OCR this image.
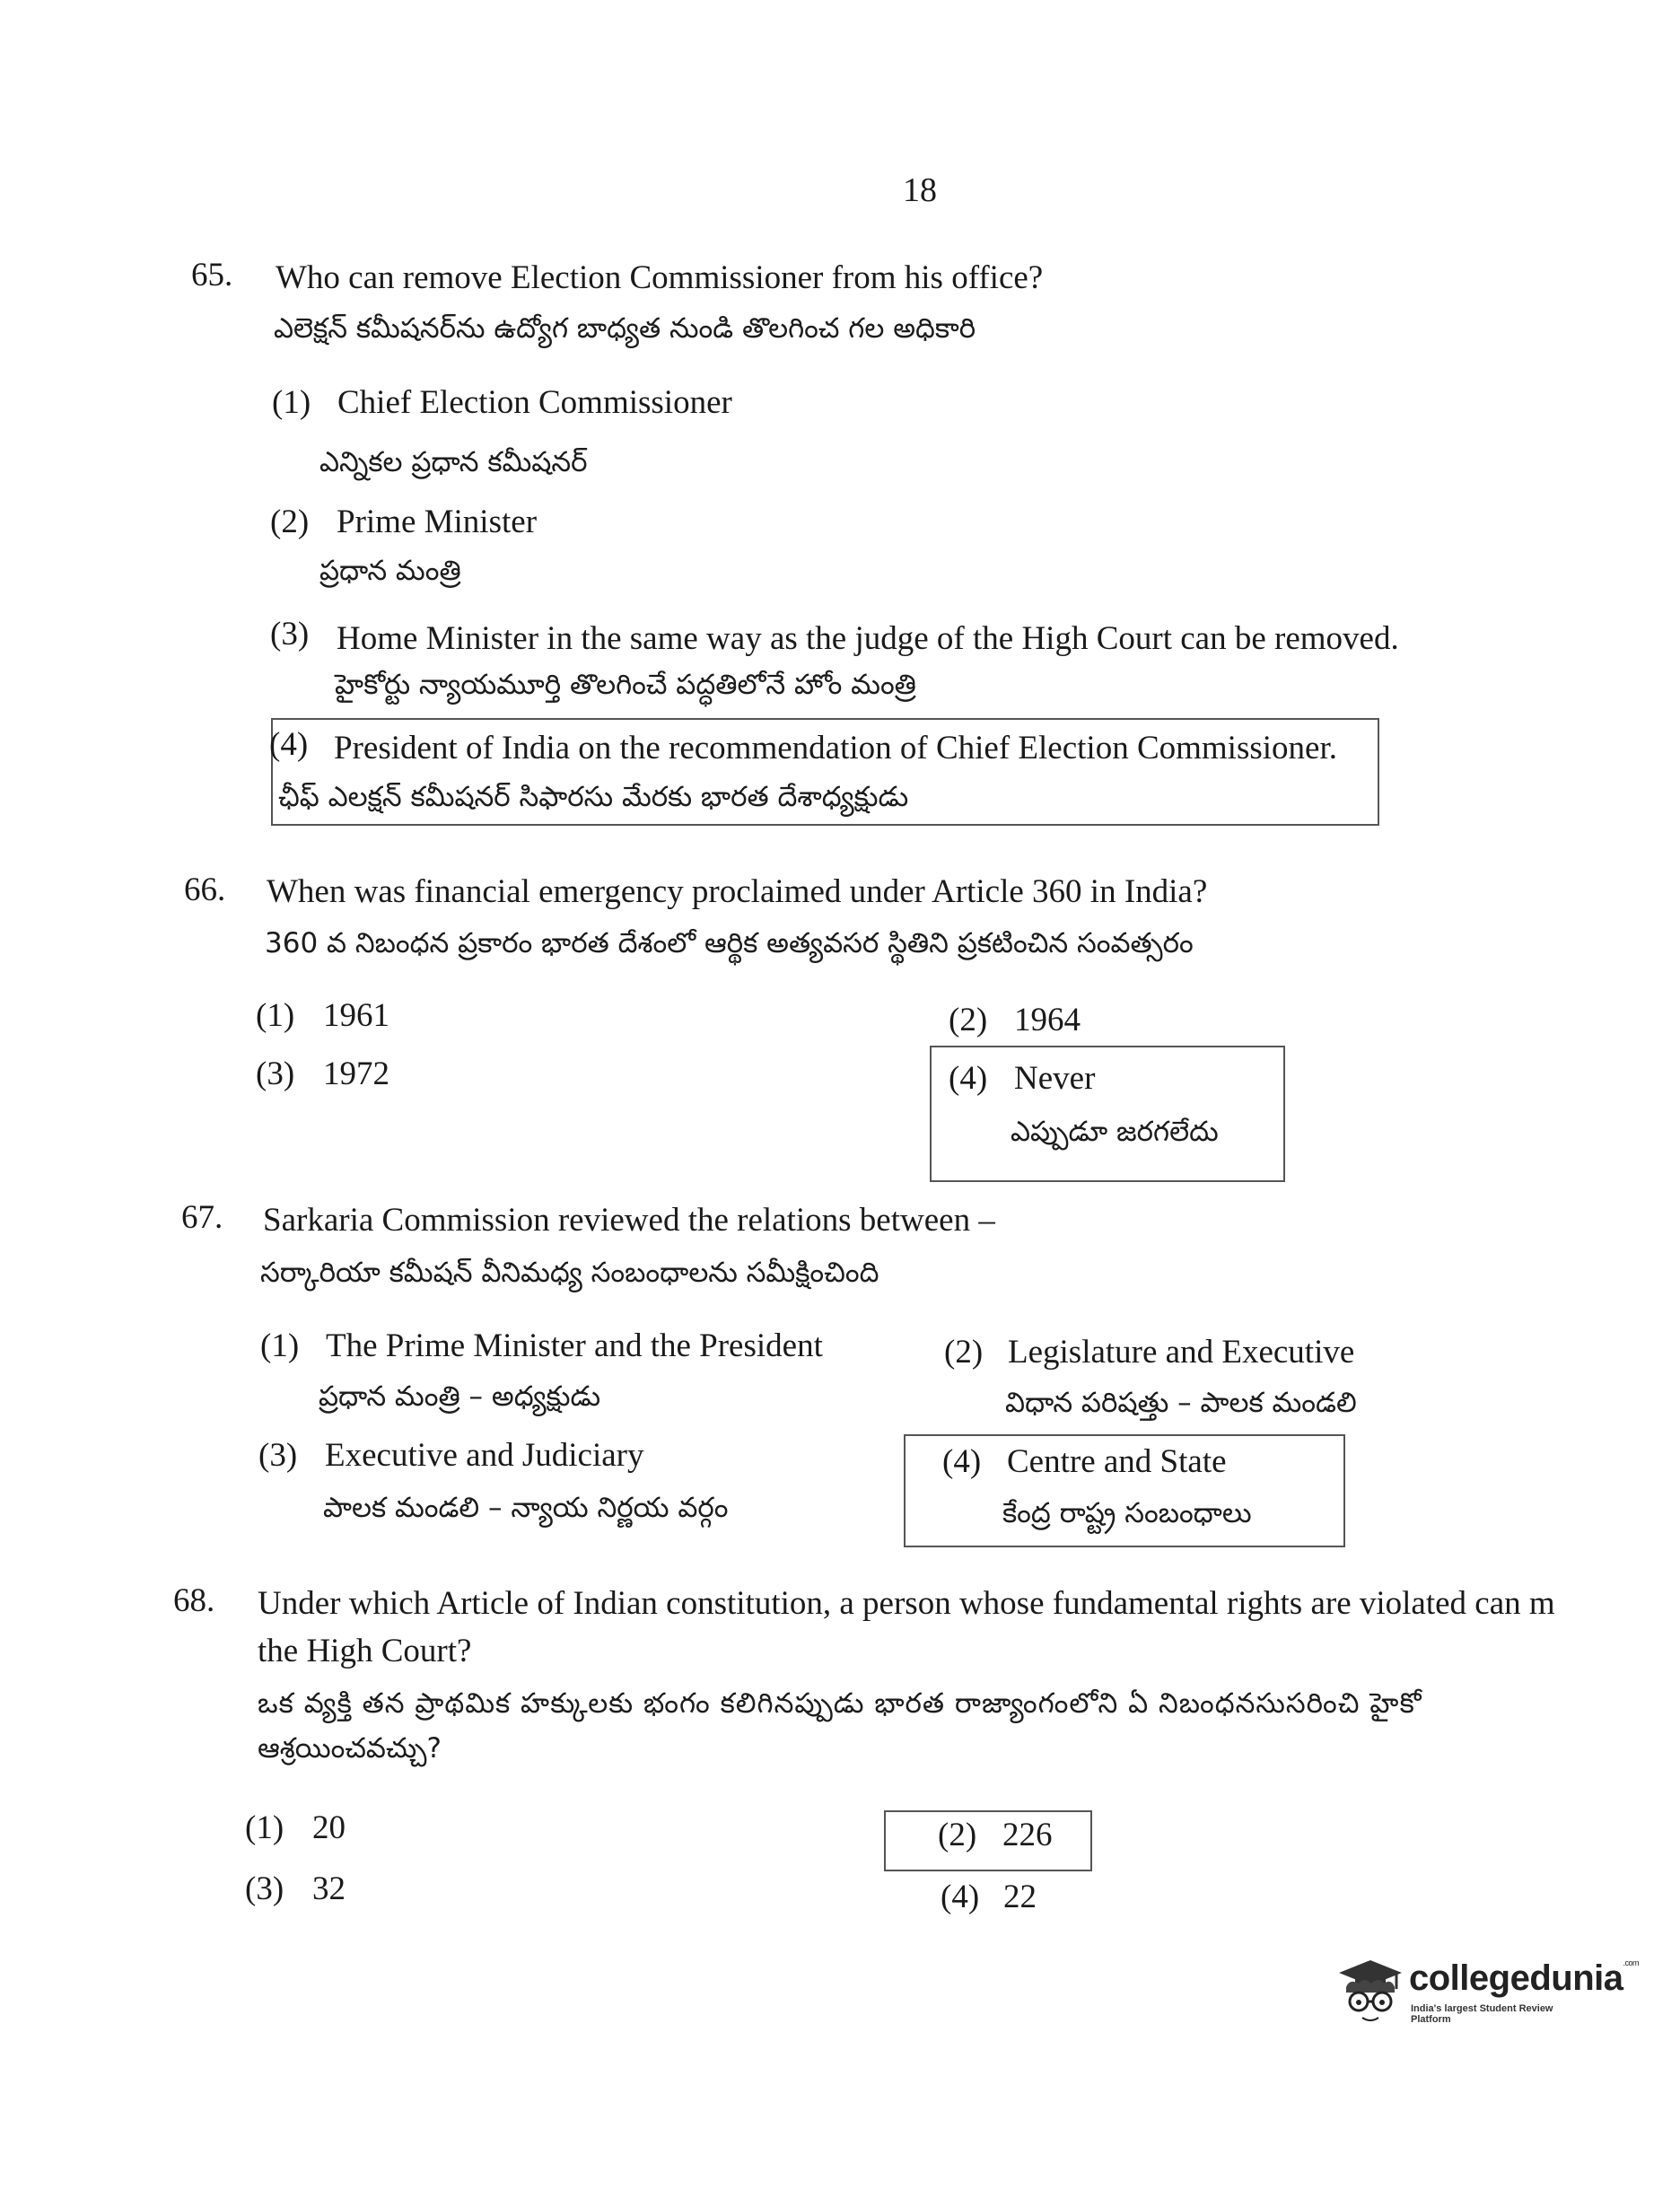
18
65. Who can remove Election Commissioner from his office?
ఎలెక్షన్ కమీషనర్‌ను ఉద్యోగ బాధ్యత నుండి తొలగించ గల అధికారి
(1) Chief Election Commissioner
ఎన్నికల ప్రధాన కమీషనర్
(2) Prime Minister
ప్రధాన మంత్రి
(3) Home Minister in the same way as the judge of the High Court can be removed.
హైకోర్టు న్యాయమూర్తి తొలగించే పద్ధతిలోనే హోం మంత్రి
(4) President of India on the recommendation of Chief Election Commissioner.
ఛీఫ్ ఎలక్షన్ కమీషనర్ సిఫారసు మేరకు భారత దేశాధ్యక్షుడు
66. When was financial emergency proclaimed under Article 360 in India?
360 వ నిబంధన ప్రకారం భారత దేశంలో ఆర్థిక అత్యవసర స్థితిని ప్రకటించిన సంవత్సరం
(1) 1961	(2) 1964
(3) 1972	(4) Never
ఎప్పుడూ జరగలేదు
67. Sarkaria Commission reviewed the relations between –
సర్కారియా కమీషన్ వీనిమధ్య సంబంధాలను సమీక్షించింది
(1) The Prime Minister and the President
ప్రధాన మంత్రి – అధ్యక్షుడు
(2) Legislature and Executive
విధాన పరిషత్తు – పాలక మండలి
(3) Executive and Judiciary
పాలక మండలి – న్యాయ నిర్ణయ వర్గం
(4) Centre and State
కేంద్ర రాష్ట్ర సంబంధాలు
68. Under which Article of Indian constitution, a person whose fundamental rights are violated can m
the High Court?
ఒక వ్యక్తి తన ప్రాథమిక హక్కులకు భంగం కలిగినప్పుడు భారత రాజ్యాంగంలోని ఏ నిబంధనసుసరించి హైకో
ఆశ్రయించవచ్చు?
(1) 20	(2) 226
(3) 32	(4) 22
collegedunia$^{.com}$
India's largest Student Review Platform
